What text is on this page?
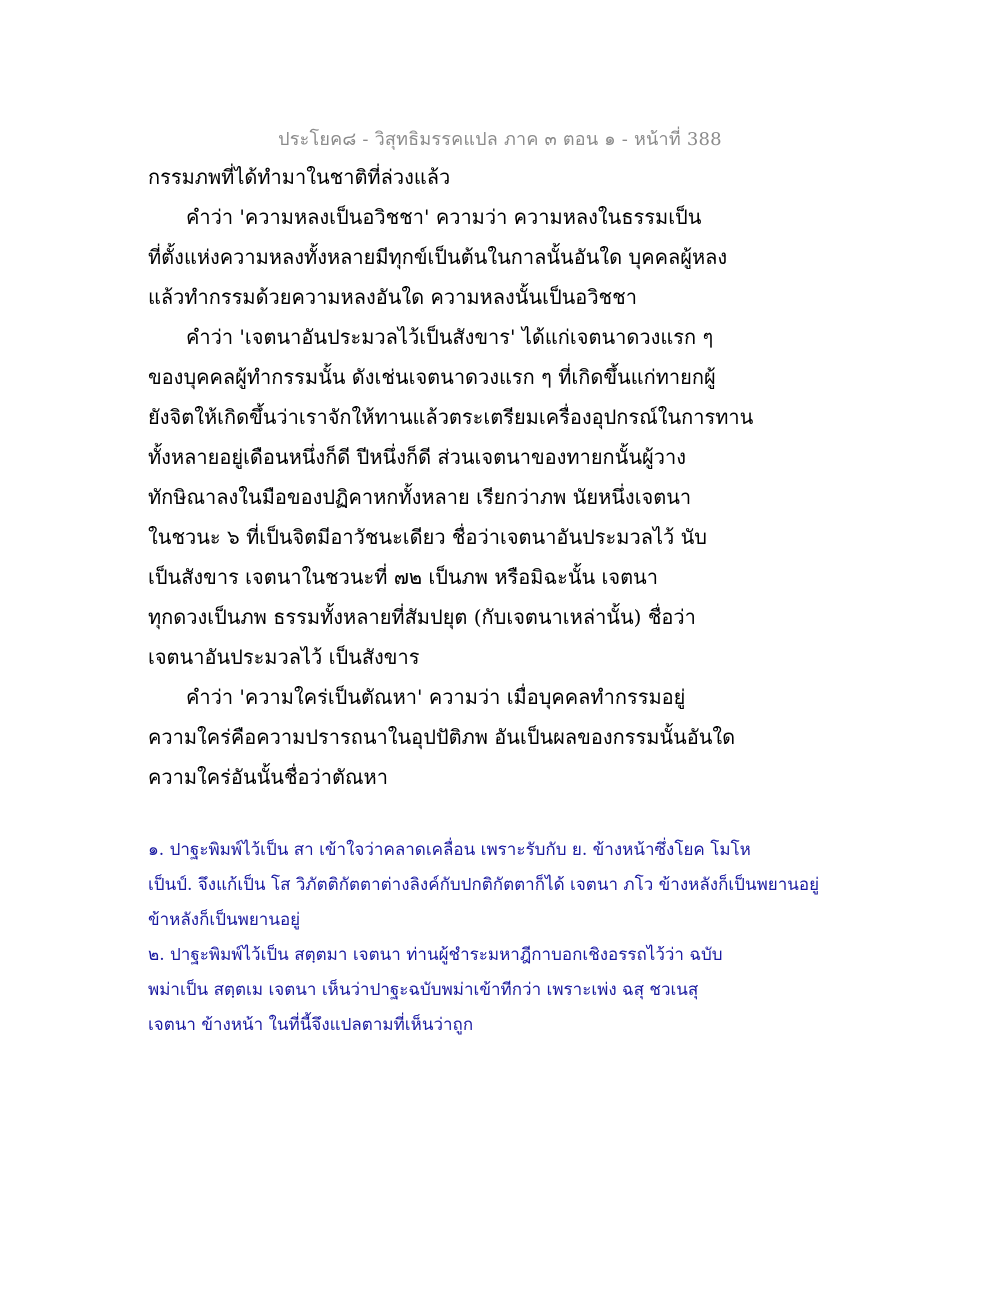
ประโยค๘ - วิสุทธิมรรคแปล ภาค ๓ ตอน ๑ - หน้าที่ 388
กรรมภพที่ได้ทำมาในชาติที่ล่วงแล้ว
คำว่า 'ความหลงเป็นอวิชชา' ความว่า ความหลงในธรรมเป็น
ที่ตั้งแห่งความหลงทั้งหลายมีทุกข์เป็นต้นในกาลนั้นอันใด บุคคลผู้หลง
แล้วทำกรรมด้วยความหลงอันใด ความหลงนั้นเป็นอวิชชา
คำว่า 'เจตนาอันประมวลไว้เป็นสังขาร' ได้แก่เจตนาดวงแรก ๆ
ของบุคคลผู้ทำกรรมนั้น ดังเช่นเจตนาดวงแรก ๆ ที่เกิดขึ้นแก่ทายกผู้
ยังจิตให้เกิดขึ้นว่าเราจักให้ทานแล้วตระเตรียมเครื่องอุปกรณ์ในการทาน
ทั้งหลายอยู่เดือนหนึ่งก็ดี ปีหนึ่งก็ดี ส่วนเจตนาของทายกนั้นผู้วาง
ทักษิณาลงในมือของปฏิคาหกทั้งหลาย เรียกว่าภพ นัยหนึ่งเจตนา
ในชวนะ ๖ ที่เป็นจิตมีอาวัชนะเดียว ชื่อว่าเจตนาอันประมวลไว้ นับ
เป็นสังขาร เจตนาในชวนะที่ ๗๒ เป็นภพ หรือมิฉะนั้น เจตนา
ทุกดวงเป็นภพ ธรรมทั้งหลายที่สัมปยุต (กับเจตนาเหล่านั้น) ชื่อว่า
เจตนาอันประมวลไว้ เป็นสังขาร
คำว่า 'ความใคร่เป็นตัณหา' ความว่า เมื่อบุคคลทำกรรมอยู่
ความใคร่คือความปรารถนาในอุปปัติภพ อันเป็นผลของกรรมนั้นอันใด
ความใคร่อันนั้นชื่อว่าตัณหา
๑. ปาฐะพิมพ์ไว้เป็น สา เข้าใจว่าคลาดเคลื่อน เพราะรับกับ ย. ข้างหน้าซึ่งโยค โมโห
เป็นป์. จึงแก้เป็น โส วิภัตติกัตตาต่างลิงค์กับปกติกัตตาก็ได้ เจตนา ภโว ข้างหลังก็เป็นพยานอยู่
ข้าหลังก็เป็นพยานอยู่
๒. ปาฐะพิมพ์ไว้เป็น สตฺตมา เจตนา ท่านผู้ชำระมหาฎีกาบอกเชิงอรรถไว้ว่า ฉบับ
พม่าเป็น สตฺตเม เจตนา เห็นว่าปาฐะฉบับพม่าเข้าทีกว่า เพราะเพ่ง ฉสุ ชวเนสุ
เจตนา ข้างหน้า ในที่นี้จึงแปลตามที่เห็นว่าถูก
